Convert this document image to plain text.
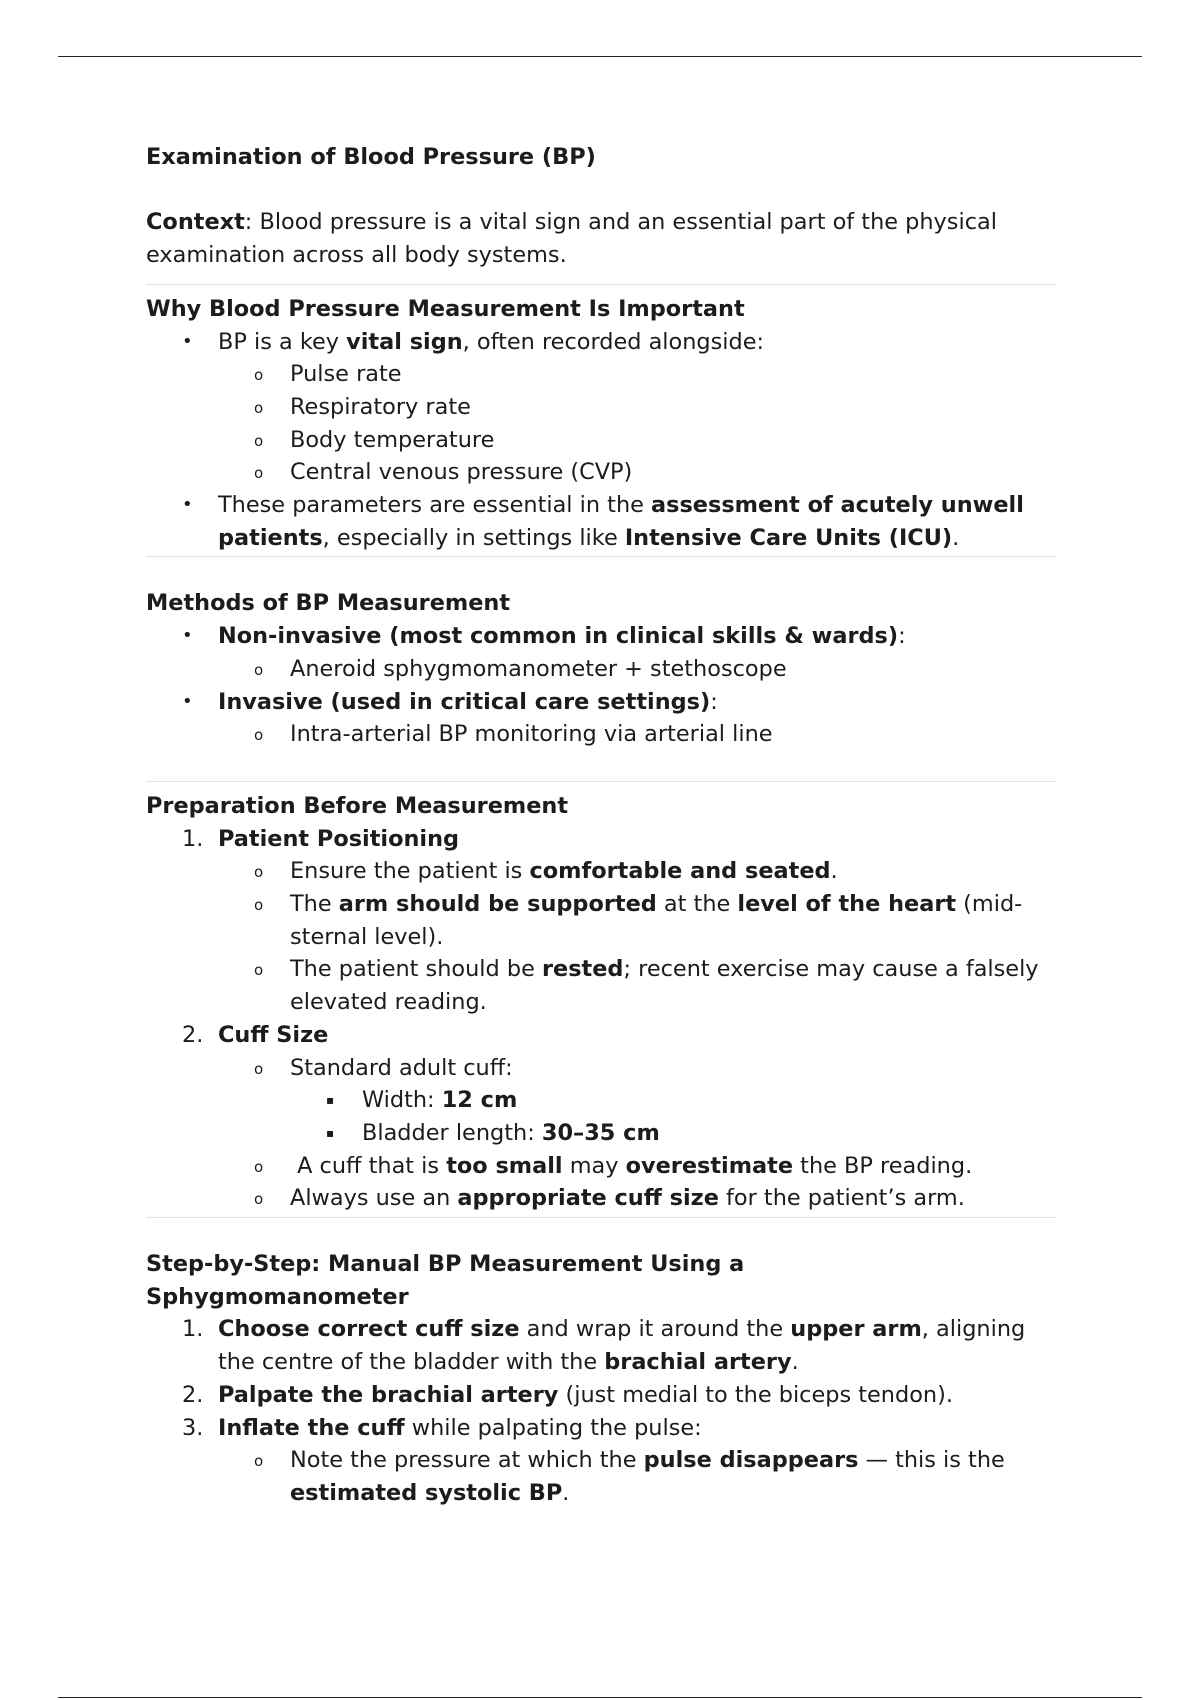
Examination of Blood Pressure (BP)

Context: Blood pressure is a vital sign and an essential part of the physical examination across all body systems.

Why Blood Pressure Measurement Is Important

• BP is a key vital sign, often recorded alongside:
o Pulse rate
o Respiratory rate
o Body temperature
o Central venous pressure (CVP)
• These parameters are essential in the assessment of acutely unwell patients, especially in settings like Intensive Care Units (ICU).

Methods of BP Measurement

• Non-invasive (most common in clinical skills & wards):
o Aneroid sphygmomanometer + stethoscope
• Invasive (used in critical care settings):
o Intra-arterial BP monitoring via arterial line

Preparation Before Measurement

1. Patient Positioning
o Ensure the patient is comfortable and seated.
o The arm should be supported at the level of the heart (mid-sternal level).
o The patient should be rested; recent exercise may cause a falsely elevated reading.
2. Cuff Size
o Standard adult cuff:
▪ Width: 12 cm
▪ Bladder length: 30–35 cm
o  A cuff that is too small may overestimate the BP reading.
o Always use an appropriate cuff size for the patient’s arm.

Step-by-Step: Manual BP Measurement Using a Sphygmomanometer

1. Choose correct cuff size and wrap it around the upper arm, aligning the centre of the bladder with the brachial artery.
2. Palpate the brachial artery (just medial to the biceps tendon).
3. Inflate the cuff while palpating the pulse:
o Note the pressure at which the pulse disappears — this is the estimated systolic BP.
